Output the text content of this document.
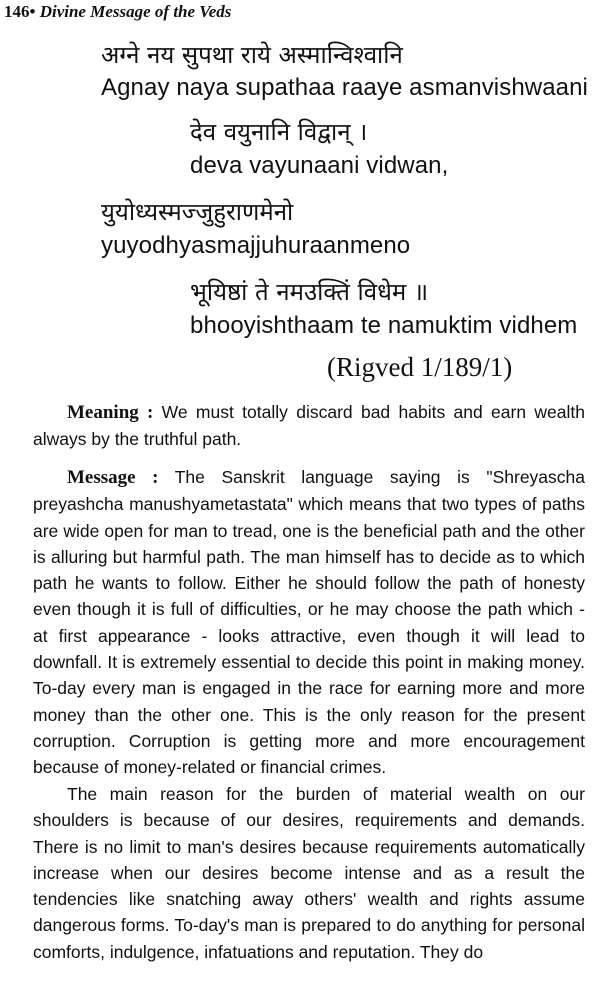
146• Divine Message of the Veds
अग्ने नय सुपथा राये अस्मान्विश्वानि
Agnay naya supathaa raaye asmanvishwaani
देव वयुनानि विद्वान् ।
deva vayunaani vidwan,
युयोध्यस्मज्जुहुराणमेनो
yuyodhyasmajjuhuraanmeno
भूयिष्ठां ते नमउक्तिं विधेम ॥
bhooyishthaam te namuktim vidhem
(Rigved 1/189/1)
Meaning : We must totally discard bad habits and earn wealth always by the truthful path.
Message : The Sanskrit language saying is "Shreyascha preyashcha manushyametastata" which means that two types of paths are wide open for man to tread, one is the beneficial path and the other is alluring but harmful path. The man himself has to decide as to which path he wants to follow. Either he should follow the path of honesty even though it is full of difficulties, or he may choose the path which - at first appearance - looks attractive, even though it will lead to downfall. It is extremely essential to decide this point in making money. To-day every man is engaged in the race for earning more and more money than the other one. This is the only reason for the present corruption. Corruption is getting more and more encouragement because of money-related or financial crimes.
The main reason for the burden of material wealth on our shoulders is because of our desires, requirements and demands. There is no limit to man's desires because requirements automatically increase when our desires become intense and as a result the tendencies like snatching away others' wealth and rights assume dangerous forms. To-day's man is prepared to do anything for personal comforts, indulgence, infatuations and reputation. They do
